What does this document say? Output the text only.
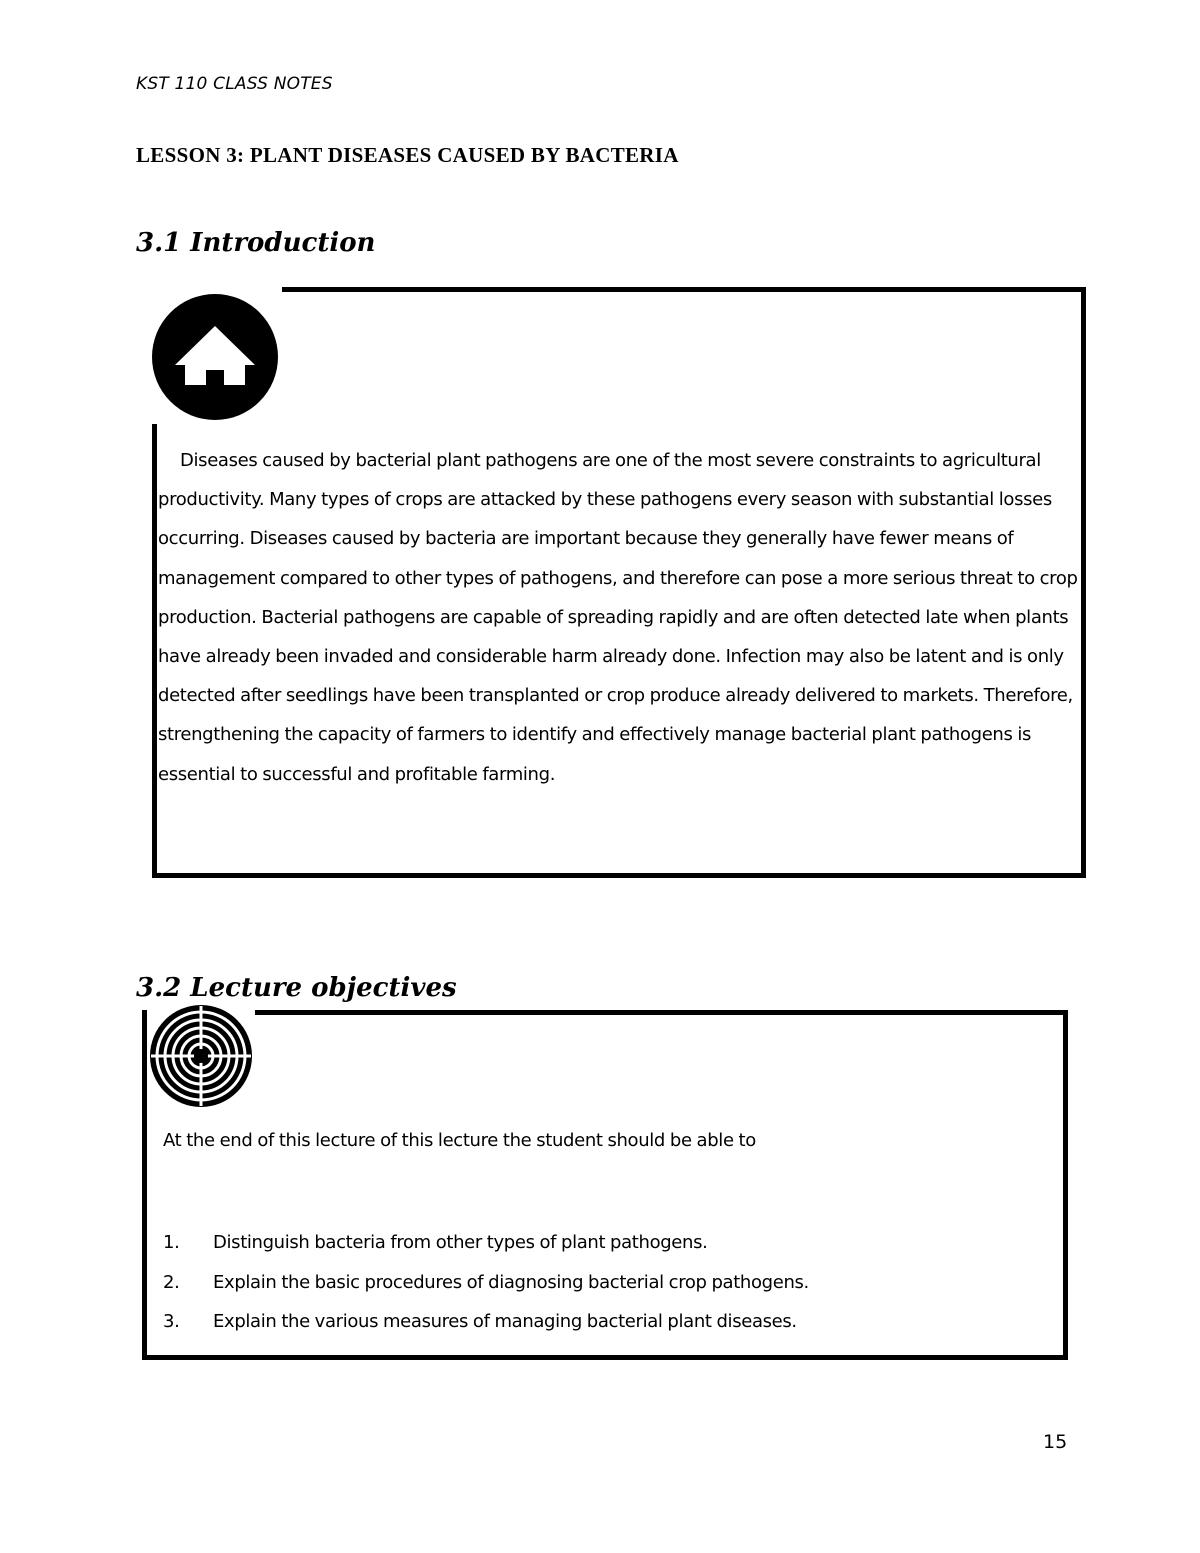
KST 110 CLASS NOTES
LESSON 3: PLANT DISEASES CAUSED BY BACTERIA
3.1 Introduction

Diseases caused by bacterial plant pathogens are one of the most severe constraints to agricultural productivity. Many types of crops are attacked by these pathogens every season with substantial losses occurring. Diseases caused by bacteria are important because they generally have fewer means of management compared to other types of pathogens, and therefore can pose a more serious threat to crop production. Bacterial pathogens are capable of spreading rapidly and are often detected late when plants have already been invaded and considerable harm already done. Infection may also be latent and is only detected after seedlings have been transplanted or crop produce already delivered to markets. Therefore, strengthening the capacity of farmers to identify and effectively manage bacterial plant pathogens is essential to successful and profitable farming.

3.2 Lecture objectives
At the end of this lecture of this lecture the student should be able to
1.	Distinguish bacteria from other types of plant pathogens.
2.	Explain the basic procedures of diagnosing bacterial crop pathogens.
3.	Explain the various measures of managing bacterial plant diseases.
15
